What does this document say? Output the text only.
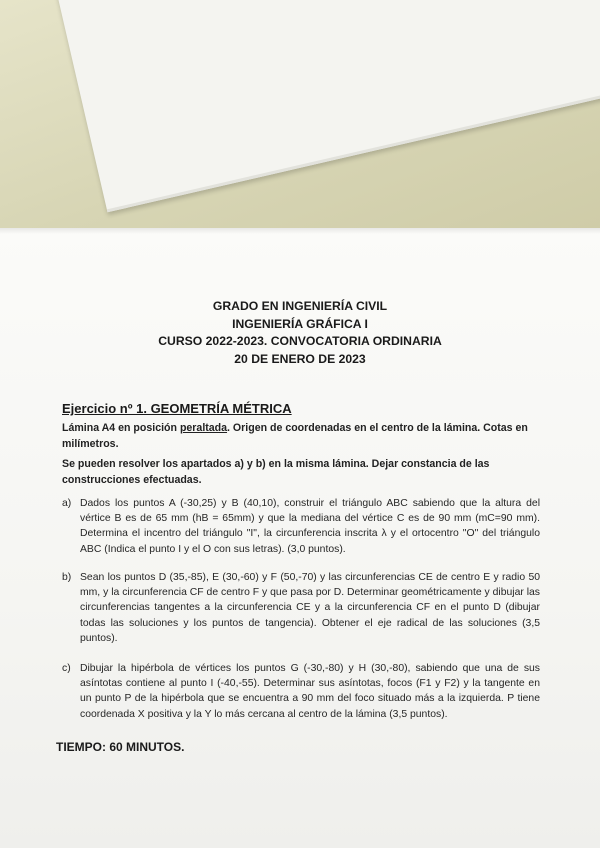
GRADO EN INGENIERÍA CIVIL
INGENIERÍA GRÁFICA I
CURSO 2022-2023. CONVOCATORIA ORDINARIA
20 DE ENERO DE 2023
Ejercicio nº 1. GEOMETRÍA MÉTRICA
Lámina A4 en posición peraltada. Origen de coordenadas en el centro de la lámina. Cotas en milímetros.
Se pueden resolver los apartados a) y b) en la misma lámina. Dejar constancia de las construcciones efectuadas.
a) Dados los puntos A (-30,25) y B (40,10), construir el triángulo ABC sabiendo que la altura del vértice B es de 65 mm (hB = 65mm) y que la mediana del vértice C es de 90 mm (mC=90 mm). Determina el incentro del triángulo "I", la circunferencia inscrita λ y el ortocentro "O" del triángulo ABC (Indica el punto I y el O con sus letras). (3,0 puntos).
b) Sean los puntos D (35,-85), E (30,-60) y F (50,-70) y las circunferencias CE de centro E y radio 50 mm, y la circunferencia CF de centro F y que pasa por D. Determinar geométricamente y dibujar las circunferencias tangentes a la circunferencia CE y a la circunferencia CF en el punto D (dibujar todas las soluciones y los puntos de tangencia). Obtener el eje radical de las soluciones (3,5 puntos).
c) Dibujar la hipérbola de vértices los puntos G (-30,-80) y H (30,-80), sabiendo que una de sus asíntotas contiene al punto I (-40,-55). Determinar sus asíntotas, focos (F1 y F2) y la tangente en un punto P de la hipérbola que se encuentra a 90 mm del foco situado más a la izquierda. P tiene coordenada X positiva y la Y lo más cercana al centro de la lámina (3,5 puntos).
TIEMPO: 60 MINUTOS.
